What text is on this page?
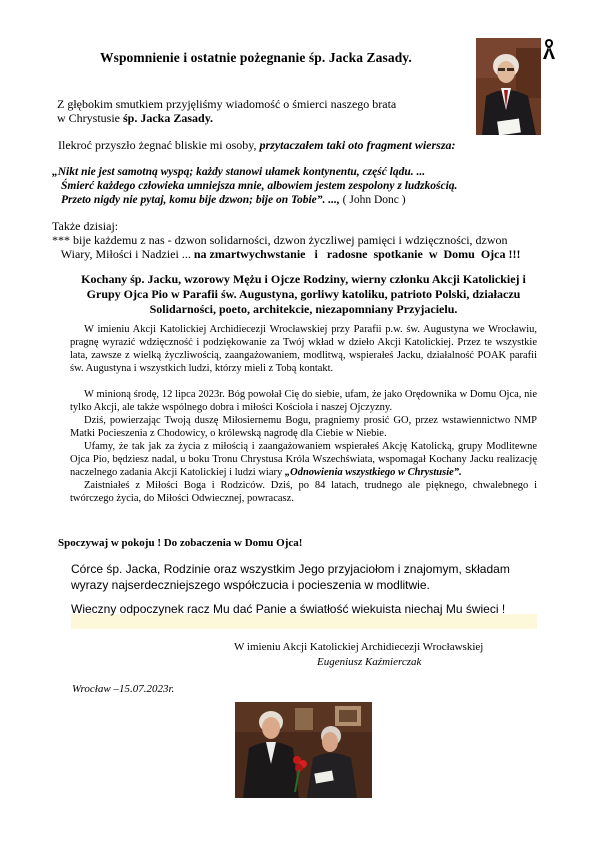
Wspomnienie i ostatnie pożegnanie śp. Jacka Zasady.
Z głębokim smutkiem przyjęliśmy wiadomość o śmierci naszego brata
w Chrystusie śp. Jacka Zasady.
Ilekroć przyszło żegnać bliskie mi osoby, przytaczałem taki oto fragment wiersza:
„Nikt nie jest samotną wyspą; każdy stanowi ułamek kontynentu, część lądu. ...
Śmierć każdego człowieka umniejsza mnie, albowiem jestem zespolony z ludzkością.
Przeto nigdy nie pytaj, komu bije dzwon; bije on Tobie”. ..., ( John Donc )
Także dzisiaj:
*** bije każdemu z nas - dzwon solidarności, dzwon życzliwej pamięci i wdzięczności, dzwon
Wiary, Miłości i Nadziei ... na zmartwychwstanie   i   radosne  spotkanie  w  Domu  Ojca !!!
Kochany śp. Jacku, wzorowy Mężu i Ojcze Rodziny, wierny członku Akcji Katolickiej i Grupy Ojca Pio w Parafii św. Augustyna, gorliwy katoliku, patrioto Polski, działaczu Solidarności, poeto, architekcie, niezapomniany Przyjacielu.

W imieniu Akcji Katolickiej Archidiecezji Wrocławskiej przy Parafii p.w. św. Augustyna we Wrocławiu, pragnę wyrazić wdzięczność i podziękowanie za Twój wkład w dzieło Akcji Katolickiej. Przez te wszystkie lata, zawsze z wielką życzliwością, zaangażowaniem, modlitwą, wspierałeś Jacku, działalność POAK parafii św. Augustyna i wszystkich ludzi, którzy mieli z Tobą kontakt.

W minioną środę, 12 lipca 2023r. Bóg powołał Cię do siebie, ufam, że jako Orędownika w Domu Ojca, nie tylko Akcji, ale także wspólnego dobra i miłości Kościoła i naszej Ojczyzny.

Dziś, powierzając Twoją duszę Miłosiernemu Bogu, pragniemy prosić GO, przez wstawiennictwo NMP Matki Pocieszenia z Chodowicy, o królewską nagrodę dla Ciebie w Niebie.

Ufamy, że tak jak za życia z miłością i zaangażowaniem wspierałeś Akcję Katolicką, grupy Modlitewne Ojca Pio, będziesz nadal, u boku Tronu Chrystusa Króla Wszechświata, wspomagał Kochany Jacku realizację naczelnego zadania Akcji Katolickiej i ludzi wiary „Odnowienia wszystkiego w Chrystusie”.

Zaistniałeś z Miłości Boga i Rodziców. Dziś, po 84 latach, trudnego ale pięknego, chwalebnego i twórczego życia, do Miłości Odwiecznej, powracasz.

Spoczywaj w pokoju ! Do zobaczenia w Domu Ojca!
Córce śp. Jacka, Rodzinie oraz wszystkim Jego przyjaciołom i znajomym, składam wyrazy najserdeczniejszego współczucia i pocieszenia w modlitwie.
Wieczny odpoczynek racz Mu dać Panie a światłość wiekuista niechaj Mu świeci !
W imieniu Akcji Katolickiej Archidiecezji Wrocławskiej
Eugeniusz Kaźmierczak
Wrocław –15.07.2023r.
